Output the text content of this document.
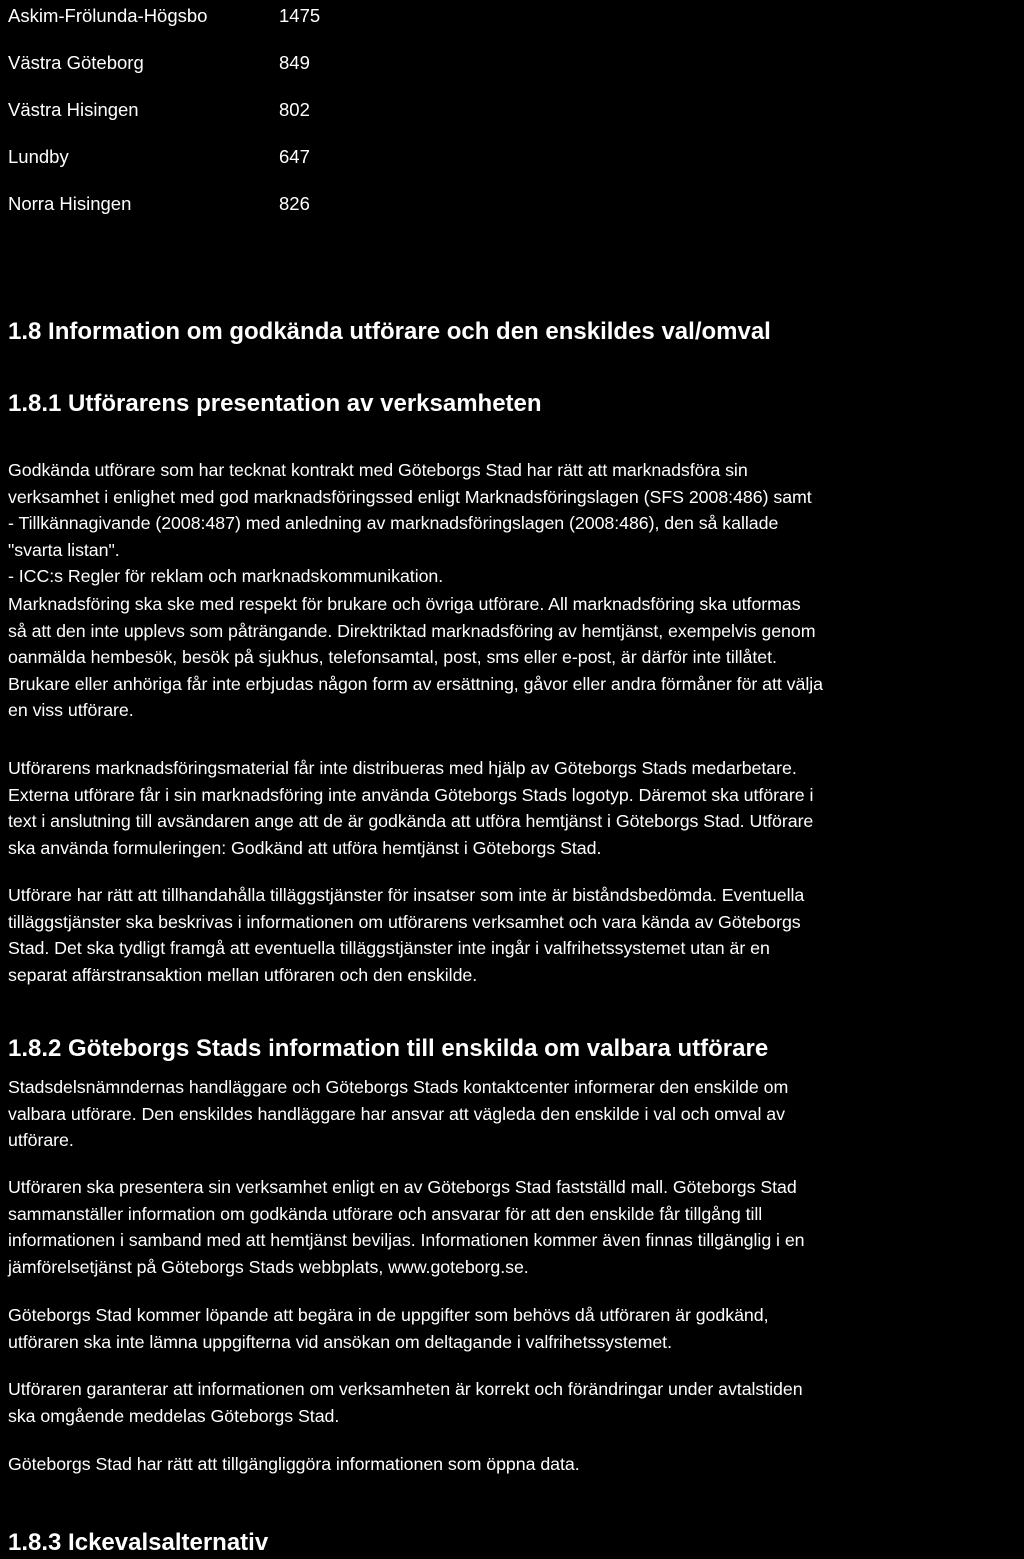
Askim-Frölunda-Högsbo	1475
Västra Göteborg	849
Västra Hisingen	802
Lundby	647
Norra Hisingen	826
1.8 Information om godkända utförare och den enskildes val/omval
1.8.1 Utförarens presentation av verksamheten
Godkända utförare som har tecknat kontrakt med Göteborgs Stad har rätt att marknadsföra sin
verksamhet i enlighet med god marknadsföringssed enligt Marknadsföringslagen (SFS 2008:486) samt
- Tillkännagivande (2008:487) med anledning av marknadsföringslagen (2008:486), den så kallade
"svarta listan".
- ICC:s Regler för reklam och marknadskommunikation.
Marknadsföring ska ske med respekt för brukare och övriga utförare. All marknadsföring ska utformas
så att den inte upplevs som påträngande. Direktriktad marknadsföring av hemtjänst, exempelvis genom
oanmälda hembesök, besök på sjukhus, telefonsamtal, post, sms eller e-post, är därför inte tillåtet.
Brukare eller anhöriga får inte erbjudas någon form av ersättning, gåvor eller andra förmåner för att välja
en viss utförare.
Utförarens marknadsföringsmaterial får inte distribueras med hjälp av Göteborgs Stads medarbetare.
Externa utförare får i sin marknadsföring inte använda Göteborgs Stads logotyp. Däremot ska utförare i
text i anslutning till avsändaren ange att de är godkända att utföra hemtjänst i Göteborgs Stad. Utförare
ska använda formuleringen: Godkänd att utföra hemtjänst i Göteborgs Stad.
Utförare har rätt att tillhandahålla tilläggstjänster för insatser som inte är biståndsbedömda. Eventuella
tilläggstjänster ska beskrivas i informationen om utförarens verksamhet och vara kända av Göteborgs
Stad. Det ska tydligt framgå att eventuella tilläggstjänster inte ingår i valfrihetssystemet utan är en
separat affärstransaktion mellan utföraren och den enskilde.
1.8.2 Göteborgs Stads information till enskilda om valbara utförare
Stadsdelsnämndernas handläggare och Göteborgs Stads kontaktcenter informerar den enskilde om
valbara utförare. Den enskildes handläggare har ansvar att vägleda den enskilde i val och omval av
utförare.
Utföraren ska presentera sin verksamhet enligt en av Göteborgs Stad fastställd mall. Göteborgs Stad
sammanställer information om godkända utförare och ansvarar för att den enskilde får tillgång till
informationen i samband med att hemtjänst beviljas. Informationen kommer även finnas tillgänglig i en
jämförelsetjänst på Göteborgs Stads webbplats, www.goteborg.se.
Göteborgs Stad kommer löpande att begära in de uppgifter som behövs då utföraren är godkänd,
utföraren ska inte lämna uppgifterna vid ansökan om deltagande i valfrihetssystemet.
Utföraren garanterar att informationen om verksamheten är korrekt och förändringar under avtalstiden
ska omgående meddelas Göteborgs Stad.
Göteborgs Stad har rätt att tillgängliggöra informationen som öppna data.
1.8.3 Ickevalsalternativ
